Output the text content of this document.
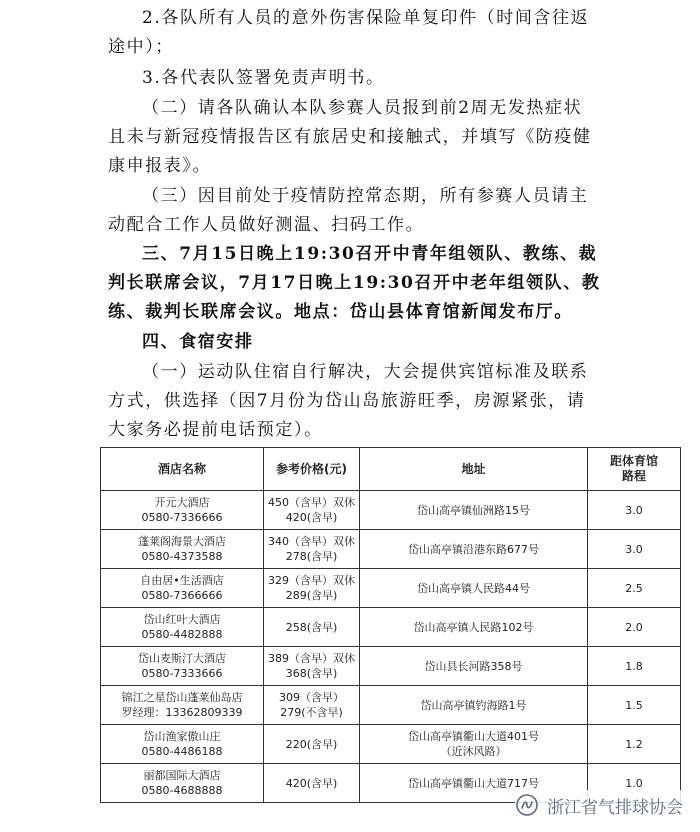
2.各队所有人员的意外伤害保险单复印件（时间含往返
途中）；
3.各代表队签署免责声明书。
（二）请各队确认本队参赛人员报到前2周无发热症状
且未与新冠疫情报告区有旅居史和接触式，并填写《防疫健
康申报表》。
（三）因目前处于疫情防控常态期，所有参赛人员请主
动配合工作人员做好测温、扫码工作。
三、7月15日晚上19:30召开中青年组领队、教练、裁
判长联席会议，7月17日晚上19:30召开中老年组领队、教
练、裁判长联席会议。地点：岱山县体育馆新闻发布厅。
四、食宿安排
（一）运动队住宿自行解决，大会提供宾馆标准及联系
方式，供选择（因7月份为岱山岛旅游旺季，房源紧张，请
大家务必提前电话预定）。
酒店名称	参考价格(元)	地址	距体育馆
路程

开元大酒店
0580-7336666	450（含早）双休
420(含早)	岱山高亭镇仙洲路15号	3.0

蓬莱阁海景大酒店
0580-4373588	340（含早）双休
278(含早)	岱山高亭镇沿港东路677号	3.0

自由居•生活酒店
0580-7366666	329（含早）双休
289(含早)	岱山高亭镇人民路44号	2.5

岱山红叶大酒店
0580-4482888	258(含早)	岱山高亭镇人民路102号	2.0

岱山麦斯汀大酒店
0580-7333666	389（含早）双休
368(含早)	岱山县长河路358号	1.8

锦江之星岱山蓬莱仙岛店
罗经理：13362809339	309（含早）
279(不含早)	岱山高亭镇钓海路1号	1.5

岱山渔家傲山庄
0580-4486188	220(含早)	岱山高亭镇衢山大道401号
（近沐风路）	1.2

丽都国际大酒店
0580-4688888	420(含早)	岱山高亭镇衢山大道717号	1.0
浙江省气排球协会
